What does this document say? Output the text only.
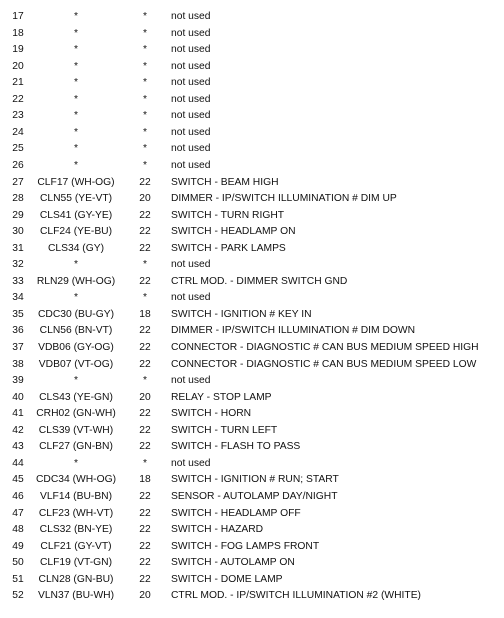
17	*	*	not used
18	*	*	not used
19	*	*	not used
20	*	*	not used
21	*	*	not used
22	*	*	not used
23	*	*	not used
24	*	*	not used
25	*	*	not used
26	*	*	not used
27	CLF17 (WH-OG)	22	SWITCH - BEAM HIGH
28	CLN55 (YE-VT)	20	DIMMER - IP/SWITCH ILLUMINATION # DIM UP
29	CLS41 (GY-YE)	22	SWITCH - TURN RIGHT
30	CLF24 (YE-BU)	22	SWITCH - HEADLAMP ON
31	CLS34 (GY)	22	SWITCH - PARK LAMPS
32	*	*	not used
33	RLN29 (WH-OG)	22	CTRL MOD. - DIMMER SWITCH GND
34	*	*	not used
35	CDC30 (BU-GY)	18	SWITCH - IGNITION # KEY IN
36	CLN56 (BN-VT)	22	DIMMER - IP/SWITCH ILLUMINATION # DIM DOWN
37	VDB06 (GY-OG)	22	CONNECTOR - DIAGNOSTIC # CAN BUS MEDIUM SPEED HIGH
38	VDB07 (VT-OG)	22	CONNECTOR - DIAGNOSTIC # CAN BUS MEDIUM SPEED LOW
39	*	*	not used
40	CLS43 (YE-GN)	20	RELAY - STOP LAMP
41	CRH02 (GN-WH)	22	SWITCH - HORN
42	CLS39 (VT-WH)	22	SWITCH - TURN LEFT
43	CLF27 (GN-BN)	22	SWITCH - FLASH TO PASS
44	*	*	not used
45	CDC34 (WH-OG)	18	SWITCH - IGNITION # RUN; START
46	VLF14 (BU-BN)	22	SENSOR - AUTOLAMP DAY/NIGHT
47	CLF23 (WH-VT)	22	SWITCH - HEADLAMP OFF
48	CLS32 (BN-YE)	22	SWITCH - HAZARD
49	CLF21 (GY-VT)	22	SWITCH - FOG LAMPS FRONT
50	CLF19 (VT-GN)	22	SWITCH - AUTOLAMP ON
51	CLN28 (GN-BU)	22	SWITCH - DOME LAMP
52	VLN37 (BU-WH)	20	CTRL MOD. - IP/SWITCH ILLUMINATION #2 (WHITE)
